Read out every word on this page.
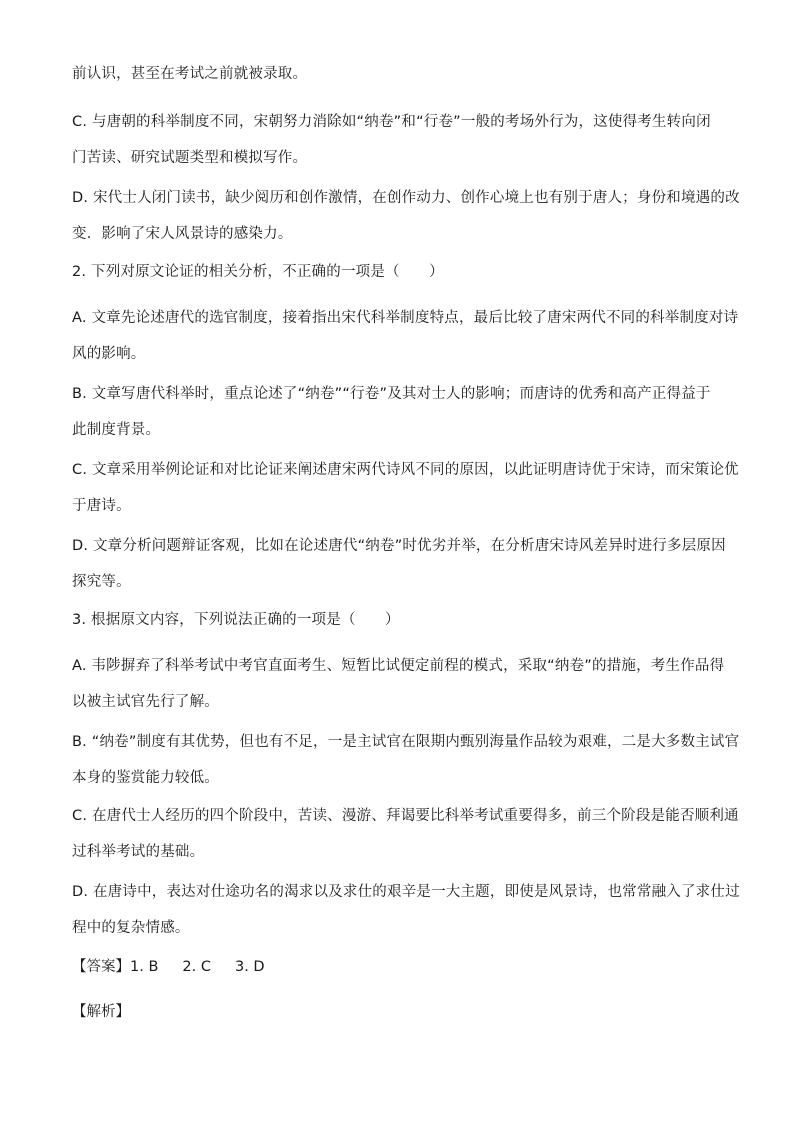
前认识，甚至在考试之前就被录取。

C. 与唐朝的科举制度不同，宋朝努力消除如“纳卷”和“行卷”一般的考场外行为，这使得考生转向闭
门苦读、研究试题类型和模拟写作。

D. 宋代士人闭门读书，缺少阅历和创作激情，在创作动力、创作心境上也有别于唐人；身份和境遇的改
变．影响了宋人风景诗的感染力。

2. 下列对原文论证的相关分析，不正确的一项是（　　）

A. 文章先论述唐代的选官制度，接着指出宋代科举制度特点，最后比较了唐宋两代不同的科举制度对诗
风的影响。

B. 文章写唐代科举时，重点论述了“纳卷”“行卷”及其对士人的影响；而唐诗的优秀和高产正得益于
此制度背景。

C. 文章采用举例论证和对比论证来阐述唐宋两代诗风不同的原因，以此证明唐诗优于宋诗，而宋策论优
于唐诗。

D. 文章分析问题辩证客观，比如在论述唐代“纳卷”时优劣并举，在分析唐宋诗风差异时进行多层原因
探究等。

3. 根据原文内容，下列说法正确的一项是（　　）

A. 韦陟摒弃了科举考试中考官直面考生、短暂比试便定前程的模式，采取“纳卷”的措施，考生作品得
以被主试官先行了解。

B. “纳卷”制度有其优势，但也有不足，一是主试官在限期内甄别海量作品较为艰难，二是大多数主试官
本身的鉴赏能力较低。

C. 在唐代士人经历的四个阶段中，苦读、漫游、拜谒要比科举考试重要得多，前三个阶段是能否顺利通
过科举考试的基础。

D. 在唐诗中，表达对仕途功名的渴求以及求仕的艰辛是一大主题，即使是风景诗，也常常融入了求仕过
程中的复杂情感。

【答案】1. B 2. C 3. D
【解析】
